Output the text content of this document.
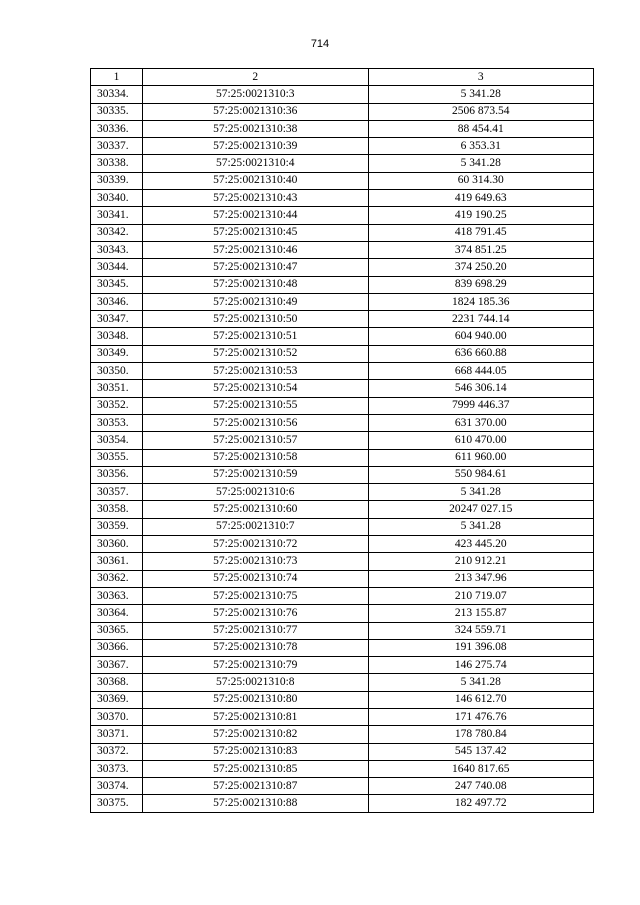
714
1	2	3
30334.	57:25:0021310:3	5 341.28
30335.	57:25:0021310:36	2506 873.54
30336.	57:25:0021310:38	88 454.41
30337.	57:25:0021310:39	6 353.31
30338.	57:25:0021310:4	5 341.28
30339.	57:25:0021310:40	60 314.30
30340.	57:25:0021310:43	419 649.63
30341.	57:25:0021310:44	419 190.25
30342.	57:25:0021310:45	418 791.45
30343.	57:25:0021310:46	374 851.25
30344.	57:25:0021310:47	374 250.20
30345.	57:25:0021310:48	839 698.29
30346.	57:25:0021310:49	1824 185.36
30347.	57:25:0021310:50	2231 744.14
30348.	57:25:0021310:51	604 940.00
30349.	57:25:0021310:52	636 660.88
30350.	57:25:0021310:53	668 444.05
30351.	57:25:0021310:54	546 306.14
30352.	57:25:0021310:55	7999 446.37
30353.	57:25:0021310:56	631 370.00
30354.	57:25:0021310:57	610 470.00
30355.	57:25:0021310:58	611 960.00
30356.	57:25:0021310:59	550 984.61
30357.	57:25:0021310:6	5 341.28
30358.	57:25:0021310:60	20247 027.15
30359.	57:25:0021310:7	5 341.28
30360.	57:25:0021310:72	423 445.20
30361.	57:25:0021310:73	210 912.21
30362.	57:25:0021310:74	213 347.96
30363.	57:25:0021310:75	210 719.07
30364.	57:25:0021310:76	213 155.87
30365.	57:25:0021310:77	324 559.71
30366.	57:25:0021310:78	191 396.08
30367.	57:25:0021310:79	146 275.74
30368.	57:25:0021310:8	5 341.28
30369.	57:25:0021310:80	146 612.70
30370.	57:25:0021310:81	171 476.76
30371.	57:25:0021310:82	178 780.84
30372.	57:25:0021310:83	545 137.42
30373.	57:25:0021310:85	1640 817.65
30374.	57:25:0021310:87	247 740.08
30375.	57:25:0021310:88	182 497.72
